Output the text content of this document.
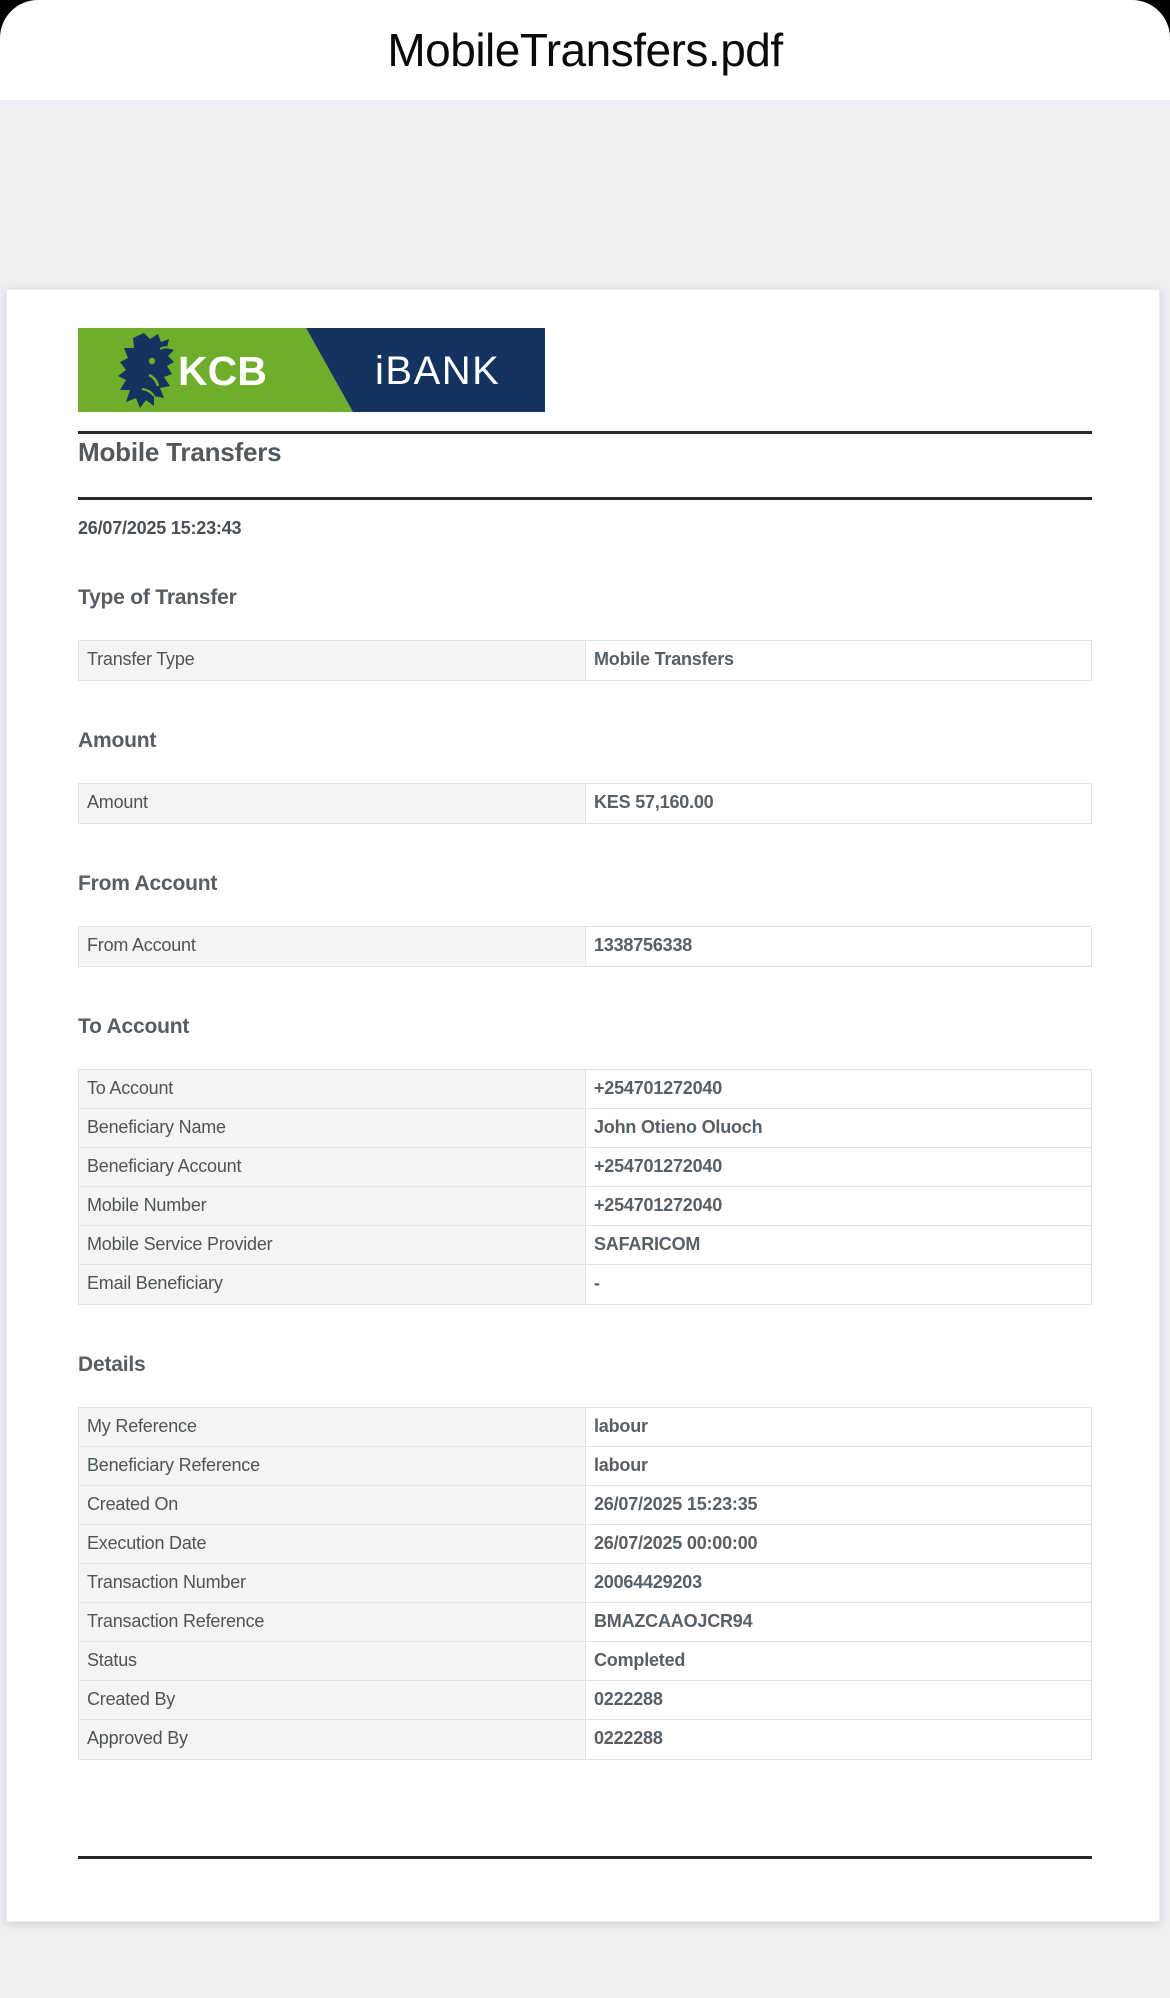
MobileTransfers.pdf
KCB	iBANK
Mobile Transfers
26/07/2025 15:23:43
Type of Transfer
Transfer Type	Mobile Transfers
Amount
Amount	KES 57,160.00
From Account
From Account	1338756338
To Account
To Account	+254701272040
Beneficiary Name	John Otieno Oluoch
Beneficiary Account	+254701272040
Mobile Number	+254701272040
Mobile Service Provider	SAFARICOM
Email Beneficiary	-
Details
My Reference	labour
Beneficiary Reference	labour
Created On	26/07/2025 15:23:35
Execution Date	26/07/2025 00:00:00
Transaction Number	20064429203
Transaction Reference	BMAZCAAOJCR94
Status	Completed
Created By	0222288
Approved By	0222288
